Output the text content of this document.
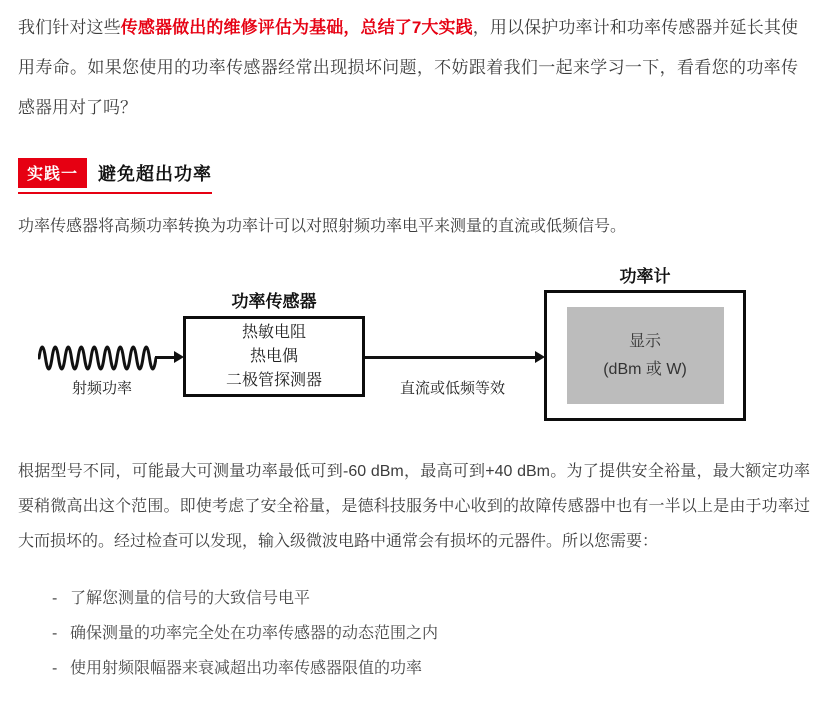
我们针对这些传感器做出的维修评估为基础，总结了7大实践，用以保护功率计和功率传感器并延长其使用寿命。如果您使用的功率传感器经常出现损坏问题，不妨跟着我们一起来学习一下，看看您的功率传感器用对了吗？

实践一	避免超出功率

功率传感器将高频功率转换为功率计可以对照射频功率电平来测量的直流或低频信号。

射频功率
功率传感器
热敏电阻
热电偶
二极管探测器	直流或低频等效
功率计
显示
(dBm 或 W)

根据型号不同，可能最大可测量功率最低可到-60 dBm，最高可到+40 dBm。为了提供安全裕量，最大额定功率要稍微高出这个范围。即使考虑了安全裕量，是德科技服务中心收到的故障传感器中也有一半以上是由于功率过大而损坏的。经过检查可以发现，输入级微波电路中通常会有损坏的元器件。所以您需要：

- 了解您测量的信号的大致信号电平
- 确保测量的功率完全处在功率传感器的动态范围之内
- 使用射频限幅器来衰减超出功率传感器限值的功率
